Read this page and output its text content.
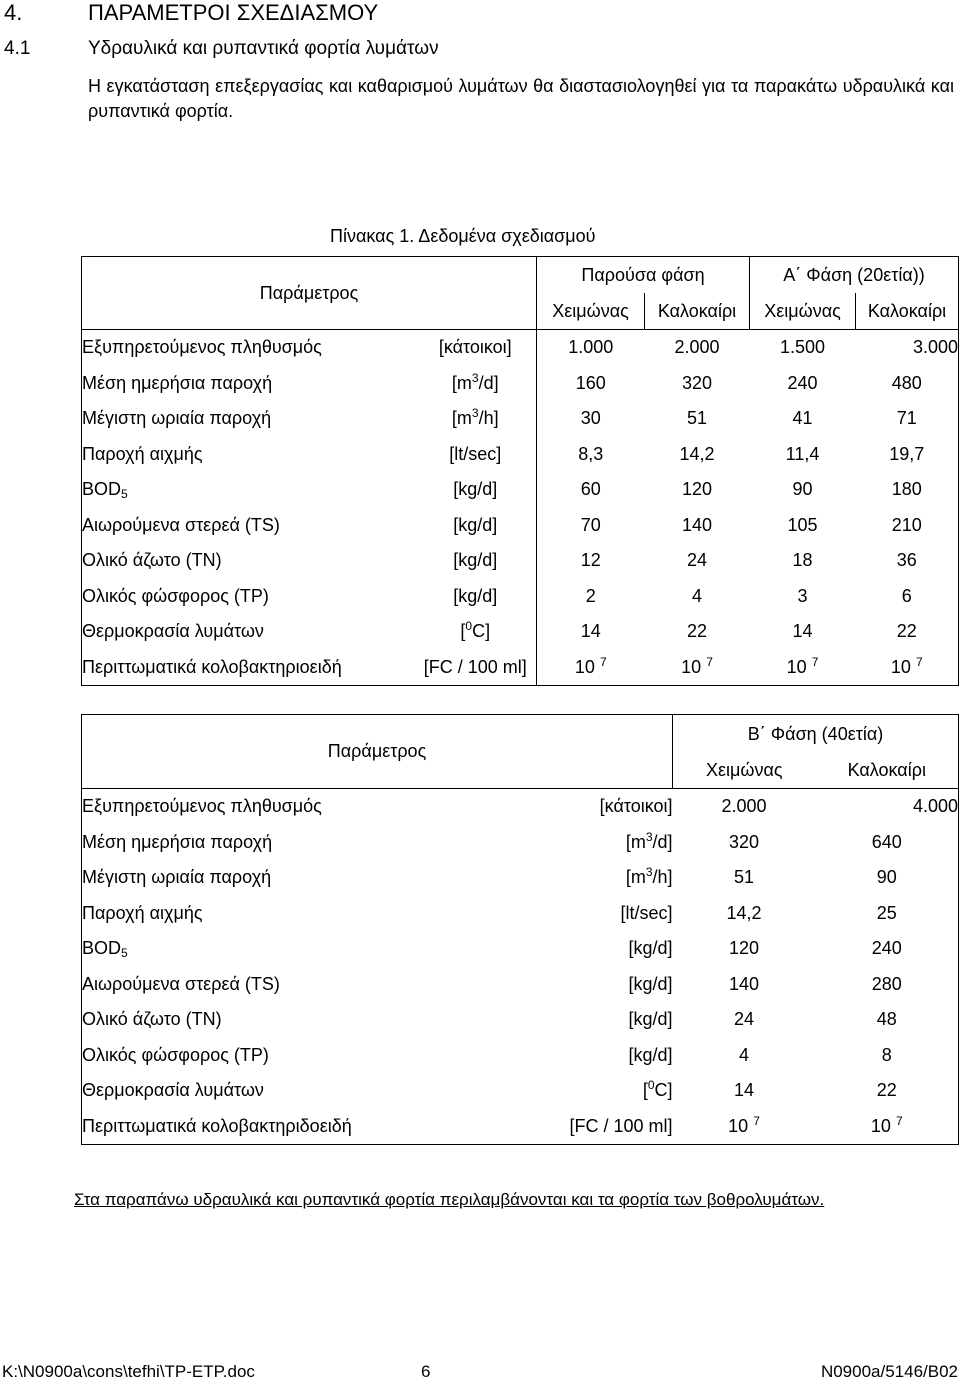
4.	ΠΑΡΑΜΕΤΡΟΙ ΣΧΕΔΙΑΣΜΟΥ
4.1	Υδραυλικά και ρυπαντικά φορτία λυμάτων
Η εγκατάσταση επεξεργασίας και καθαρισμού λυμάτων θα διαστασιολογηθεί για τα παρακάτω υδραυλικά και ρυπαντικά φορτία.
Πίνακας 1. Δεδομένα σχεδιασμού
Παράμετρος		Παρούσα φάση		Α΄ Φάση (20ετία))	
		Χειμώνας	Καλοκαίρι	Χειμώνας	Καλοκαίρι
Εξυπηρετούμενος πληθυσμός	[κάτοικοι]	1.000	2.000	1.500	3.000
Μέση ημερήσια παροχή	$[m^3/d]$	160	320	240	480
Μέγιστη ωριαία παροχή	$[m^3/h]$	30	51	41	71
Παροχή αιχμής	[lt/sec]	8,3	14,2	11,4	19,7
$BOD_5$	[kg/d]	60	120	90	180
Αιωρούμενα στερεά (TS)	[kg/d]	70	140	105	210
Ολικό άζωτο (TN)	[kg/d]	12	24	18	36
Ολικός φώσφορος (TP)	[kg/d]	2	4	3	6
Θερμοκρασία λυμάτων	[$^0$C]	14	22	14	22
Περιττωματικά κολοβακτηριοειδή	[FC / 100 ml]	10 $^7$	10 $^7$	10 $^7$	10 $^7$
Παράμετρος		Β΄ Φάση (40ετία)	
		Χειμώνας	Καλοκαίρι
Εξυπηρετούμενος πληθυσμός	[κάτοικοι]	2.000	4.000
Μέση ημερήσια παροχή	$[m^3/d]$	320	640
Μέγιστη ωριαία παροχή	$[m^3/h]$	51	90
Παροχή αιχμής	[lt/sec]	14,2	25
$BOD_5$	[kg/d]	120	240
Αιωρούμενα στερεά (TS)	[kg/d]	140	280
Ολικό άζωτο (TN)	[kg/d]	24	48
Ολικός φώσφορος (TP)	[kg/d]	4	8
Θερμοκρασία λυμάτων	[$^0$C]	14	22
Περιττωματικά κολοβακτηριδοειδή	[FC / 100 ml]	10 $^7$	10 $^7$
Στα παραπάνω υδραυλικά και ρυπαντικά φορτία περιλαμβάνονται και τα φορτία των βοθρολυμάτων.
K:\N0900a\cons\tefhi\TP-ETP.doc	6	N0900a/5146/B02
